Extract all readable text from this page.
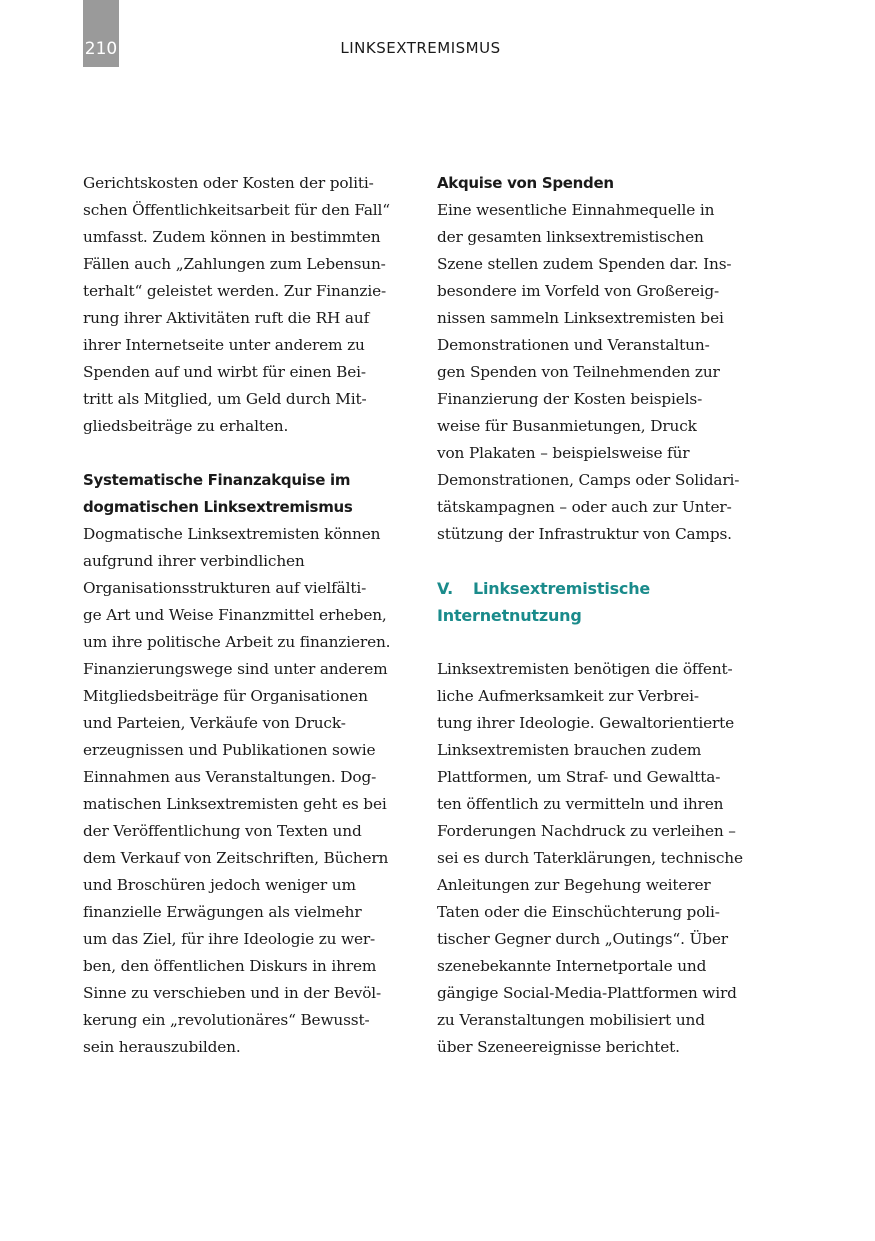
210	LINKSEXTREMISMUS
Gerichtskosten oder Kosten der politi-
schen Öffentlichkeitsarbeit für den Fall“
umfasst. Zudem können in bestimmten
Fällen auch „Zahlungen zum Lebensun-
terhalt“ geleistet werden. Zur Finanzie-
rung ihrer Aktivitäten ruft die RH auf
ihrer Internetseite unter anderem zu
Spenden auf und wirbt für einen Bei-
tritt als Mitglied, um Geld durch Mit-
gliedsbeiträge zu erhalten.
Systematische Finanzakquise im
dogmatischen Linksextremismus
Dogmatische Linksextremisten können
aufgrund ihrer verbindlichen
Organisationsstrukturen auf vielfälti-
ge Art und Weise Finanzmittel erheben,
um ihre politische Arbeit zu finanzieren.
Finanzierungswege sind unter anderem
Mitgliedsbeiträge für Organisationen
und Parteien, Verkäufe von Druck-
erzeugnissen und Publikationen sowie
Einnahmen aus Veranstaltungen. Dog-
matischen Linksextremisten geht es bei
der Veröffentlichung von Texten und
dem Verkauf von Zeitschriften, Büchern
und Broschüren jedoch weniger um
finanzielle Erwägungen als vielmehr
um das Ziel, für ihre Ideologie zu wer-
ben, den öffentlichen Diskurs in ihrem
Sinne zu verschieben und in der Bevöl-
kerung ein „revolutionäres“ Bewusst-
sein herauszubilden.
Akquise von Spenden
Eine wesentliche Einnahmequelle in
der gesamten linksextremistischen
Szene stellen zudem Spenden dar. Ins-
besondere im Vorfeld von Großereig-
nissen sammeln Linksextremisten bei
Demonstrationen und Veranstaltun-
gen Spenden von Teilnehmenden zur
Finanzierung der Kosten beispiels-
weise für Busanmietungen, Druck
von Plakaten – beispielsweise für
Demonstrationen, Camps oder Solidari-
tätskampagnen – oder auch zur Unter-
stützung der Infrastruktur von Camps.
V. Linksextremistische
Internetnutzung
Linksextremisten benötigen die öffent-
liche Aufmerksamkeit zur Verbrei-
tung ihrer Ideologie. Gewaltorientierte
Linksextremisten brauchen zudem
Plattformen, um Straf- und Gewaltta-
ten öffentlich zu vermitteln und ihren
Forderungen Nachdruck zu verleihen –
sei es durch Taterklärungen, technische
Anleitungen zur Begehung weiterer
Taten oder die Einschüchterung poli-
tischer Gegner durch „Outings“. Über
szenebekannte Internetportale und
gängige Social-Media-Plattformen wird
zu Veranstaltungen mobilisiert und
über Szeneereignisse berichtet.
